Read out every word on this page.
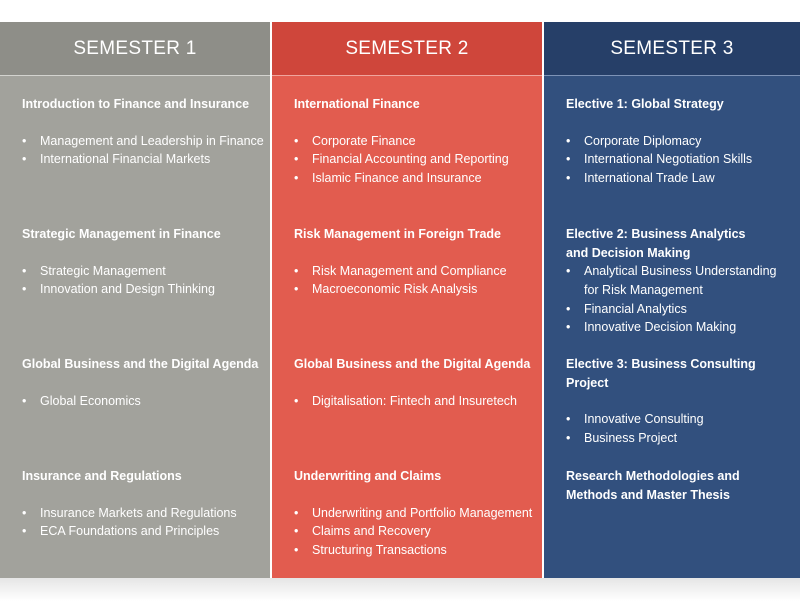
SEMESTER 1
Introduction to Finance and Insurance
• Management and Leadership in Finance
• International Financial Markets
Strategic Management in Finance
• Strategic Management
• Innovation and Design Thinking
Global Business and the Digital Agenda
• Global Economics
Insurance and Regulations
• Insurance Markets and Regulations
• ECA Foundations and Principles
SEMESTER 2
International Finance
• Corporate Finance
• Financial Accounting and Reporting
• Islamic Finance and Insurance
Risk Management in Foreign Trade
• Risk Management and Compliance
• Macroeconomic Risk Analysis
Global Business and the Digital Agenda
• Digitalisation: Fintech and Insuretech
Underwriting and Claims
• Underwriting and Portfolio Management
• Claims and Recovery
• Structuring Transactions
SEMESTER 3
Elective 1: Global Strategy
• Corporate Diplomacy
• International Negotiation Skills
• International Trade Law
Elective 2: Business Analytics
and Decision Making
• Analytical Business Understanding
for Risk Management
• Financial Analytics
• Innovative Decision Making
Elective 3: Business Consulting Project
• Innovative Consulting
• Business Project
Research Methodologies and
Methods and Master Thesis
